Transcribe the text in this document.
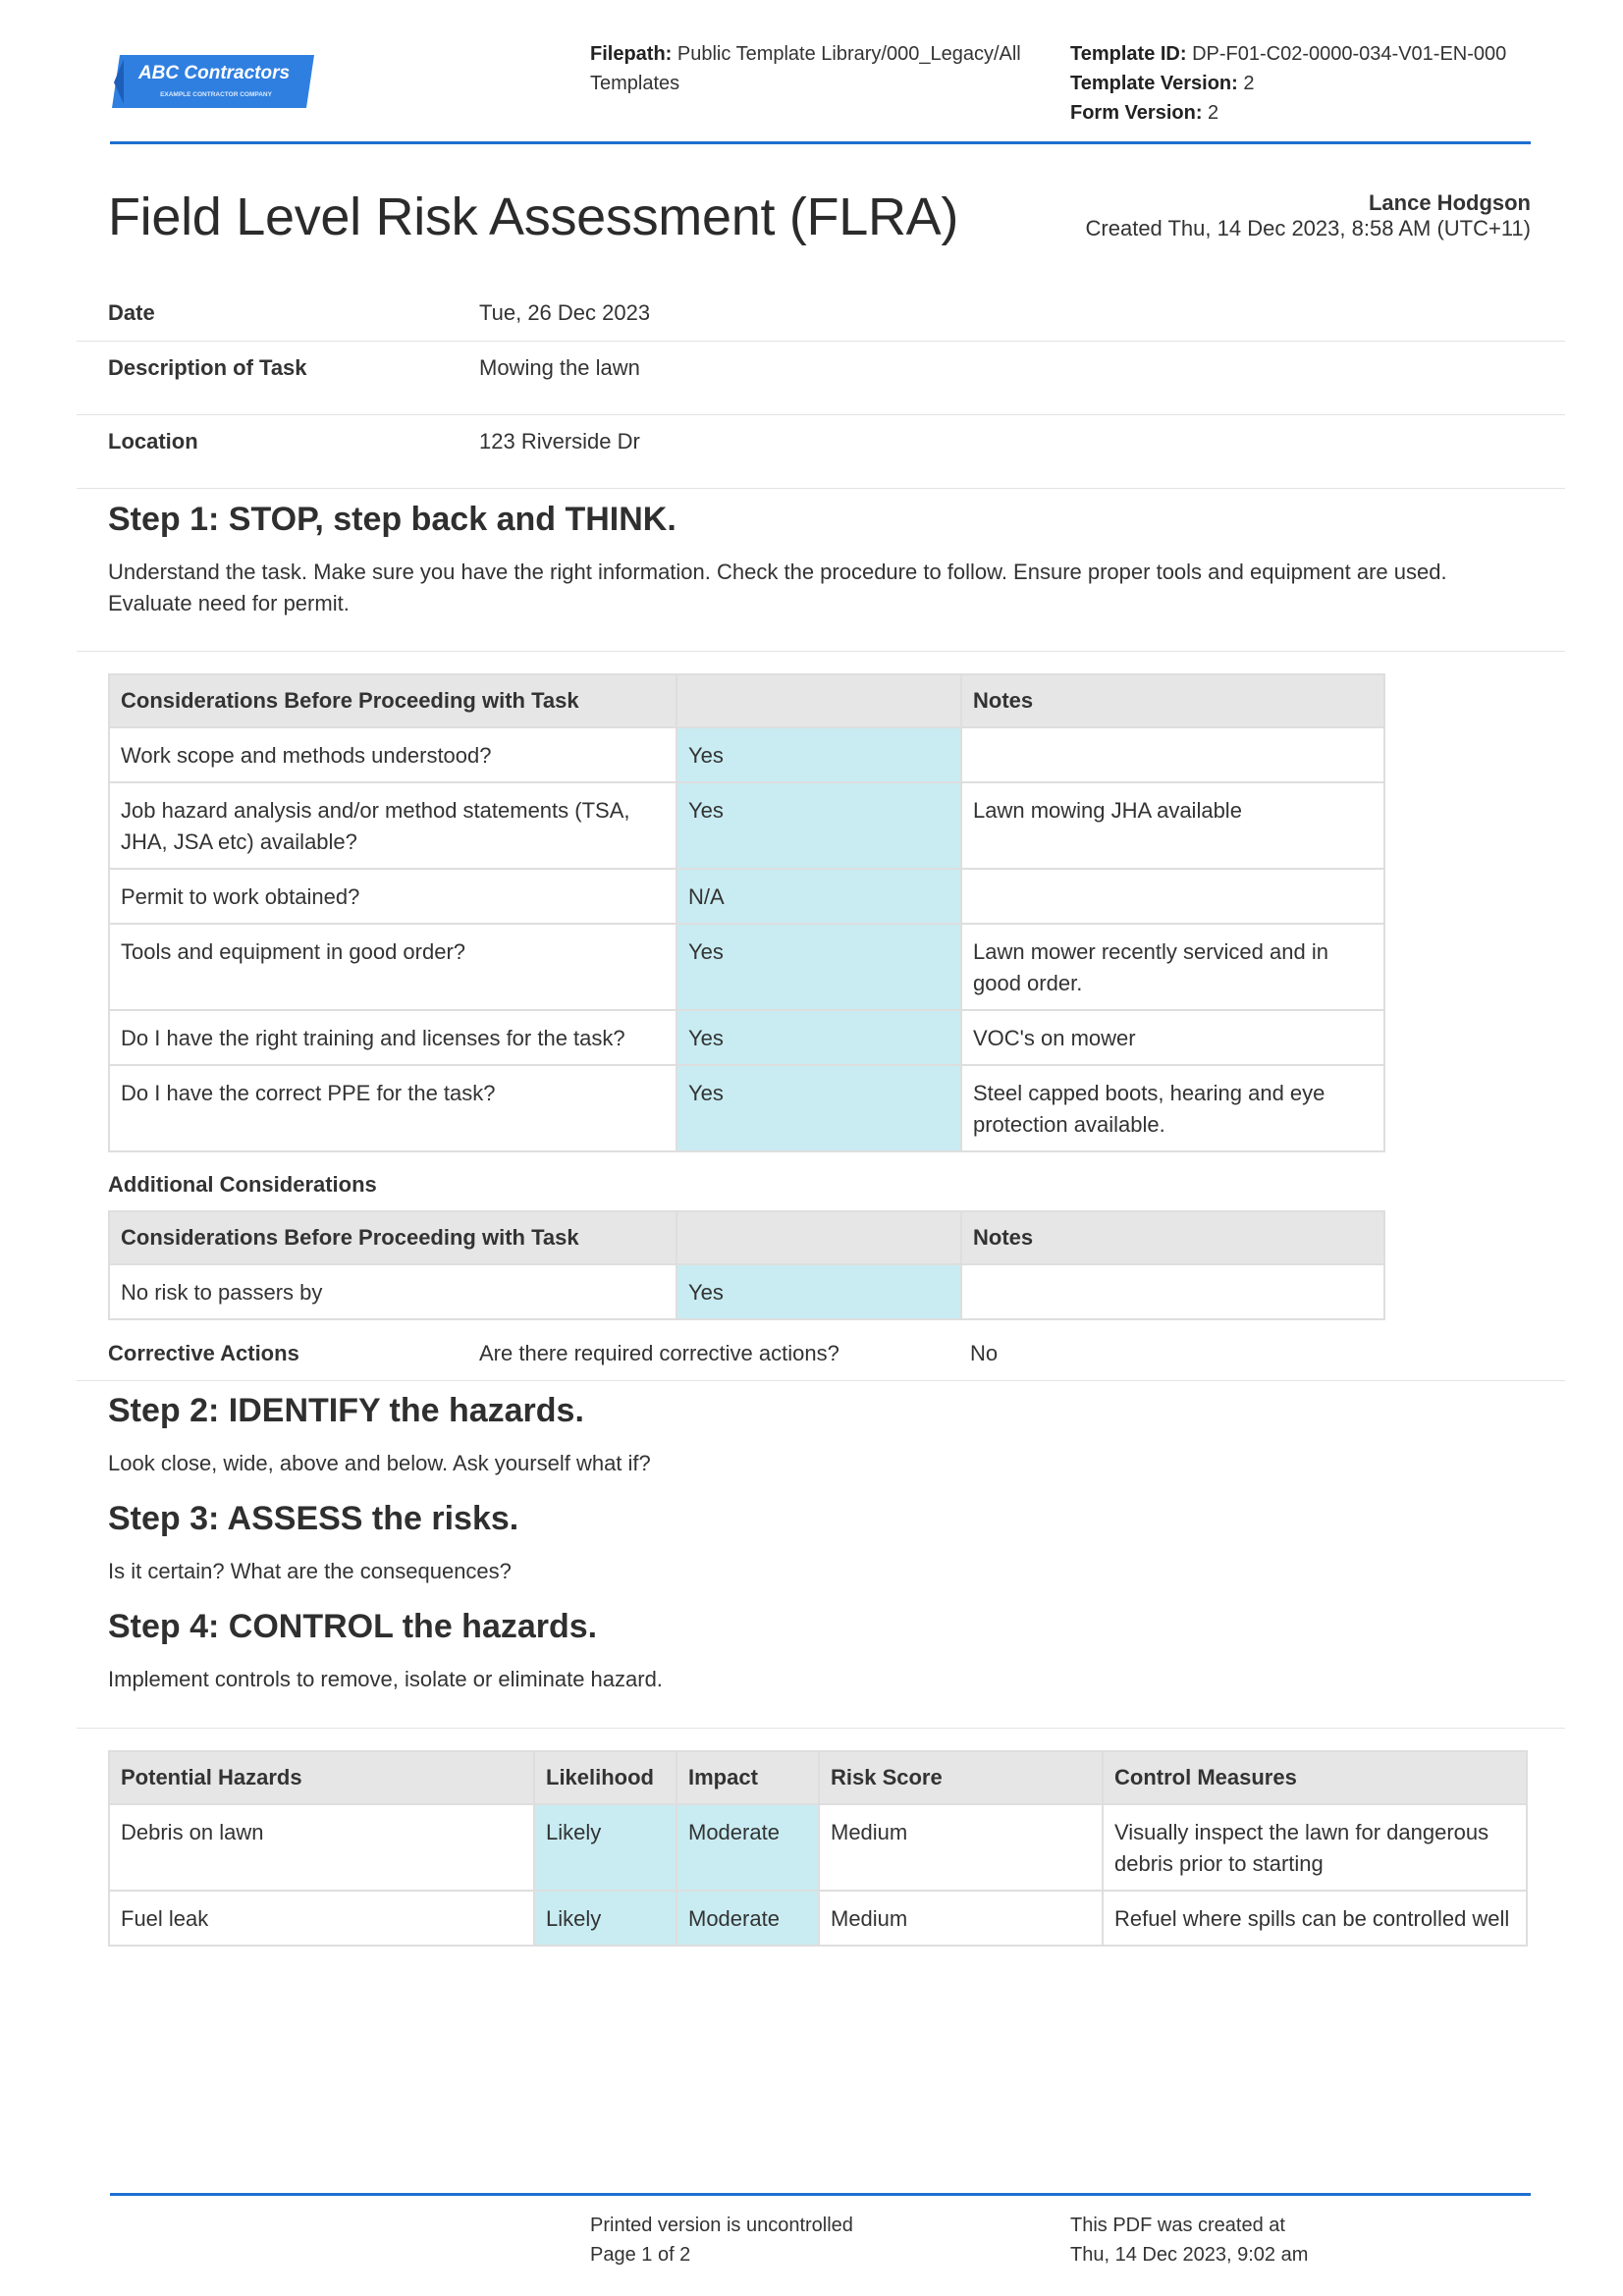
ABC Contractors
EXAMPLE CONTRACTOR COMPANY
Filepath: Public Template Library/000_Legacy/All
Templates
Template ID: DP-F01-C02-0000-034-V01-EN-000
Template Version: 2
Form Version: 2
Field Level Risk Assessment (FLRA)	Lance Hodgson
Created Thu, 14 Dec 2023, 8:58 AM (UTC+11)
Date	Tue, 26 Dec 2023
Description of Task	Mowing the lawn
Location	123 Riverside Dr
Step 1: STOP, step back and THINK.

Understand the task. Make sure you have the right information. Check the procedure to follow. Ensure proper tools and equipment are used. Evaluate need for permit.

Considerations Before Proceeding with Task		Notes
Work scope and methods understood?	Yes	
Job hazard analysis and/or method statements (TSA, JHA, JSA etc) available?	Yes	Lawn mowing JHA available
Permit to work obtained?	N/A	
Tools and equipment in good order?	Yes	Lawn mower recently serviced and in good order.
Do I have the right training and licenses for the task?	Yes	VOC's on mower
Do I have the correct PPE for the task?	Yes	Steel capped boots, hearing and eye protection available.
Additional Considerations
Considerations Before Proceeding with Task		Notes
No risk to passers by	Yes	
Corrective Actions	Are there required corrective actions?	No
Step 2: IDENTIFY the hazards.

Look close, wide, above and below. Ask yourself what if?

Step 3: ASSESS the risks.

Is it certain? What are the consequences?

Step 4: CONTROL the hazards.

Implement controls to remove, isolate or eliminate hazard.

Potential Hazards	Likelihood	Impact	Risk Score	Control Measures
Debris on lawn	Likely	Moderate	Medium	Visually inspect the lawn for dangerous debris prior to starting
Fuel leak	Likely	Moderate	Medium	Refuel where spills can be controlled well
Printed version is uncontrolled
Page 1 of 2
This PDF was created at
Thu, 14 Dec 2023, 9:02 am
